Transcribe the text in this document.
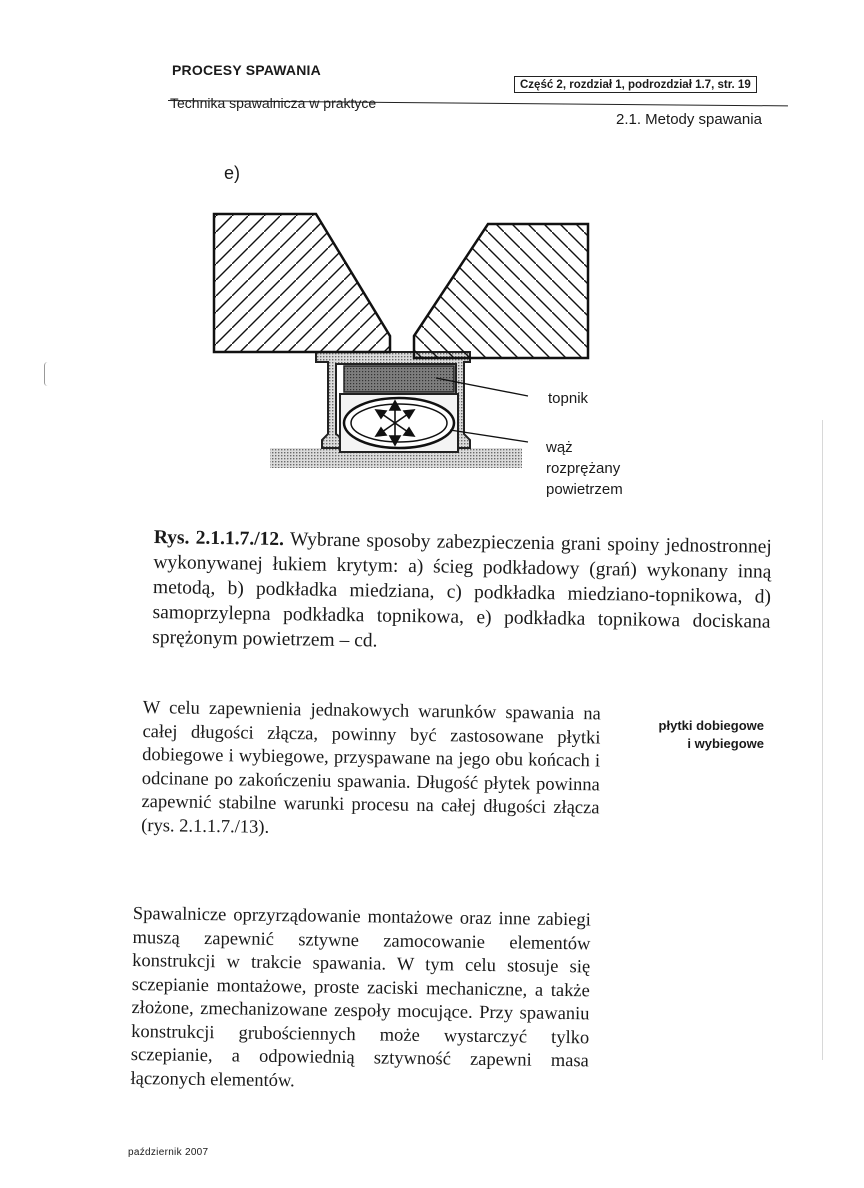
PROCESY SPAWANIA
Część 2, rozdział 1, podrozdział 1.7, str. 19
Technika spawalnicza w praktyce
2.1. Metody spawania
e)
topnik
wąż
rozprężany
powietrzem
Rys. 2.1.1.7./12. Wybrane sposoby zabezpieczenia grani spoiny jednostronnej wykonywanej łukiem krytym: a) ścieg podkładowy (grań) wykonany inną metodą, b) podkładka miedziana, c) podkładka miedziano-topnikowa, d) samoprzylepna podkładka topnikowa, e) podkładka topnikowa dociskana sprężonym powietrzem – cd.
płytki dobiegowe
i wybiegowe
W celu zapewnienia jednakowych warunków spawania na całej długości złącza, powinny być zastosowane płytki dobiegowe i wybiegowe, przyspawane na jego obu końcach i odcinane po zakończeniu spawania. Długość płytek powinna zapewnić stabilne warunki procesu na całej długości złącza (rys. 2.1.1.7./13).
Spawalnicze oprzyrządowanie montażowe oraz inne zabiegi muszą zapewnić sztywne zamocowanie elementów konstrukcji w trakcie spawania. W tym celu stosuje się sczepianie montażowe, proste zaciski mechaniczne, a także złożone, zmechanizowane zespoły mocujące. Przy spawaniu konstrukcji grubościennych może wystarczyć tylko sczepianie, a odpowiednią sztywność zapewni masa łączonych elementów.
październik 2007
